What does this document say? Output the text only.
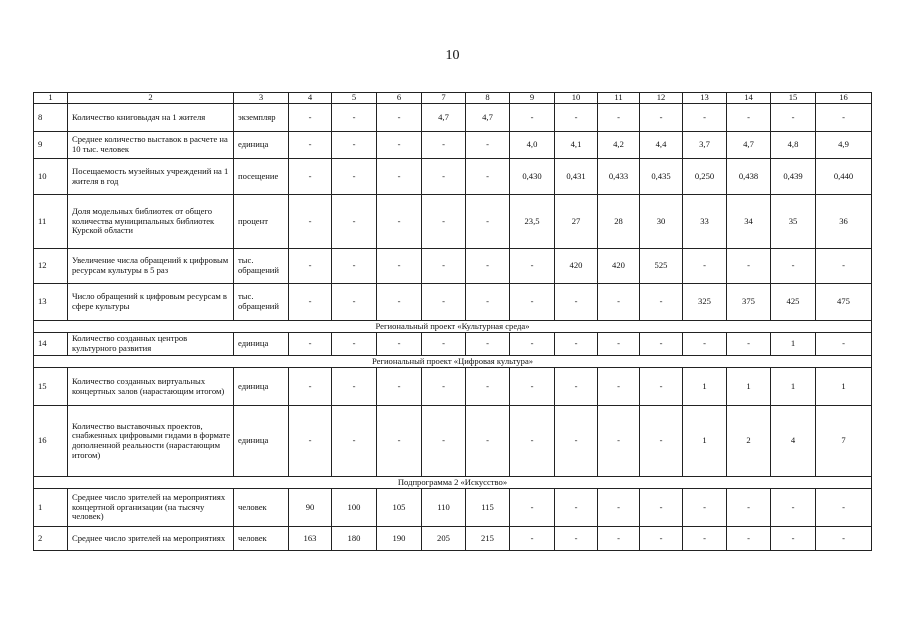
10
1	2	3	4	5	6	7	8	9	10	11	12	13	14	15	16
8	Количество книговыдач на 1 жителя	экземпляр	-	-	-	4,7	4,7	-	-	-	-	-	-	-	-
9	Среднее количество выставок в расчете на 10 тыс. человек	единица	-	-	-	-	-	4,0	4,1	4,2	4,4	3,7	4,7	4,8	4,9
10	Посещаемость музейных учреждений на 1 жителя в год	посещение	-	-	-	-	-	0,430	0,431	0,433	0,435	0,250	0,438	0,439	0,440
11	Доля модельных библиотек от общего количества муниципальных библиотек Курской области	процент	-	-	-	-	-	23,5	27	28	30	33	34	35	36
12	Увеличение числа обращений к цифровым ресурсам культуры в 5 раз	тыс. обращений	-	-	-	-	-	-	420	420	525	-	-	-	-
13	Число обращений к цифровым ресурсам в сфере культуры	тыс. обращений	-	-	-	-	-	-	-	-	-	325	375	425	475
Региональный проект «Культурная среда»															
14	Количество созданных центров культурного развития	единица	-	-	-	-	-	-	-	-	-	-	-	1	-
Региональный проект «Цифровая культура»															
15	Количество созданных виртуальных концертных залов (нарастающим итогом)	единица	-	-	-	-	-	-	-	-	-	1	1	1	1
16	Количество выставочных проектов, снабженных цифровыми гидами в формате дополненной реальности (нарастающим итогом)	единица	-	-	-	-	-	-	-	-	-	1	2	4	7
Подпрограмма 2 «Искусство»															
1	Среднее число зрителей на мероприятиях концертной организации (на тысячу человек)	человек	90	100	105	110	115	-	-	-	-	-	-	-	-
2	Среднее число зрителей на мероприятиях	человек	163	180	190	205	215	-	-	-	-	-	-	-	-
